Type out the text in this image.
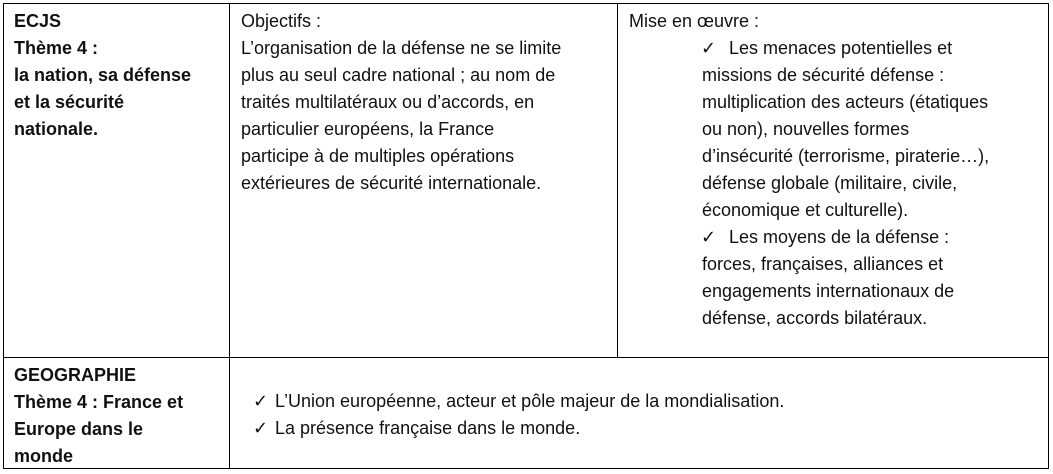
ECJS
Thème 4 :
la nation, sa défense
et la sécurité
nationale.
Objectifs :
L’organisation de la défense ne se limite
plus au seul cadre national ; au nom de
traités multilatéraux ou d’accords, en
particulier européens, la France
participe à de multiples opérations
extérieures de sécurité internationale.
Mise en œuvre :
✓ Les menaces potentielles et
missions de sécurité défense :
multiplication des acteurs (étatiques
ou non), nouvelles formes
d’insécurité (terrorisme, piraterie…),
défense globale (militaire, civile,
économique et culturelle).
✓ Les moyens de la défense :
forces, françaises, alliances et
engagements internationaux de
défense, accords bilatéraux.
GEOGRAPHIE
Thème 4 : France et
Europe dans le
monde
✓ L’Union européenne, acteur et pôle majeur de la mondialisation.
✓ La présence française dans le monde.
